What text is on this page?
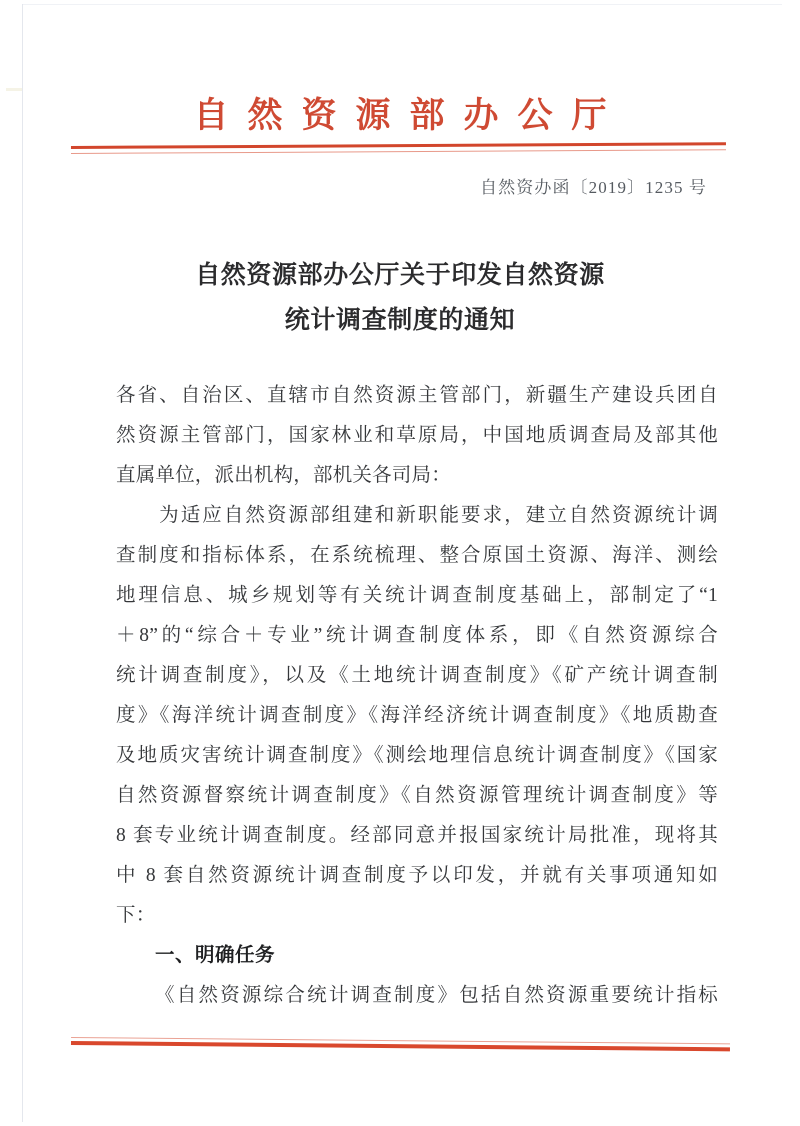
自然资源部办公厅
自然资办函〔2019〕1235 号
自然资源部办公厅关于印发自然资源
统计调查制度的通知
各省、自治区、直辖市自然资源主管部门，新疆生产建设兵团自
然资源主管部门，国家林业和草原局，中国地质调查局及部其他
直属单位，派出机构，部机关各司局：
　　为适应自然资源部组建和新职能要求，建立自然资源统计调
查制度和指标体系，在系统梳理、整合原国土资源、海洋、测绘
地理信息、城乡规划等有关统计调查制度基础上，部制定了“1
＋8”的“综合＋专业”统计调查制度体系，即《自然资源综合
统计调查制度》，以及《土地统计调查制度》《矿产统计调查制
度》《海洋统计调查制度》《海洋经济统计调查制度》《地质勘查
及地质灾害统计调查制度》《测绘地理信息统计调查制度》《国家
自然资源督察统计调查制度》《自然资源管理统计调查制度》等
8 套专业统计调查制度。经部同意并报国家统计局批准，现将其
中 8 套自然资源统计调查制度予以印发，并就有关事项通知如
下：
一、明确任务
《自然资源综合统计调查制度》包括自然资源重要统计指标
